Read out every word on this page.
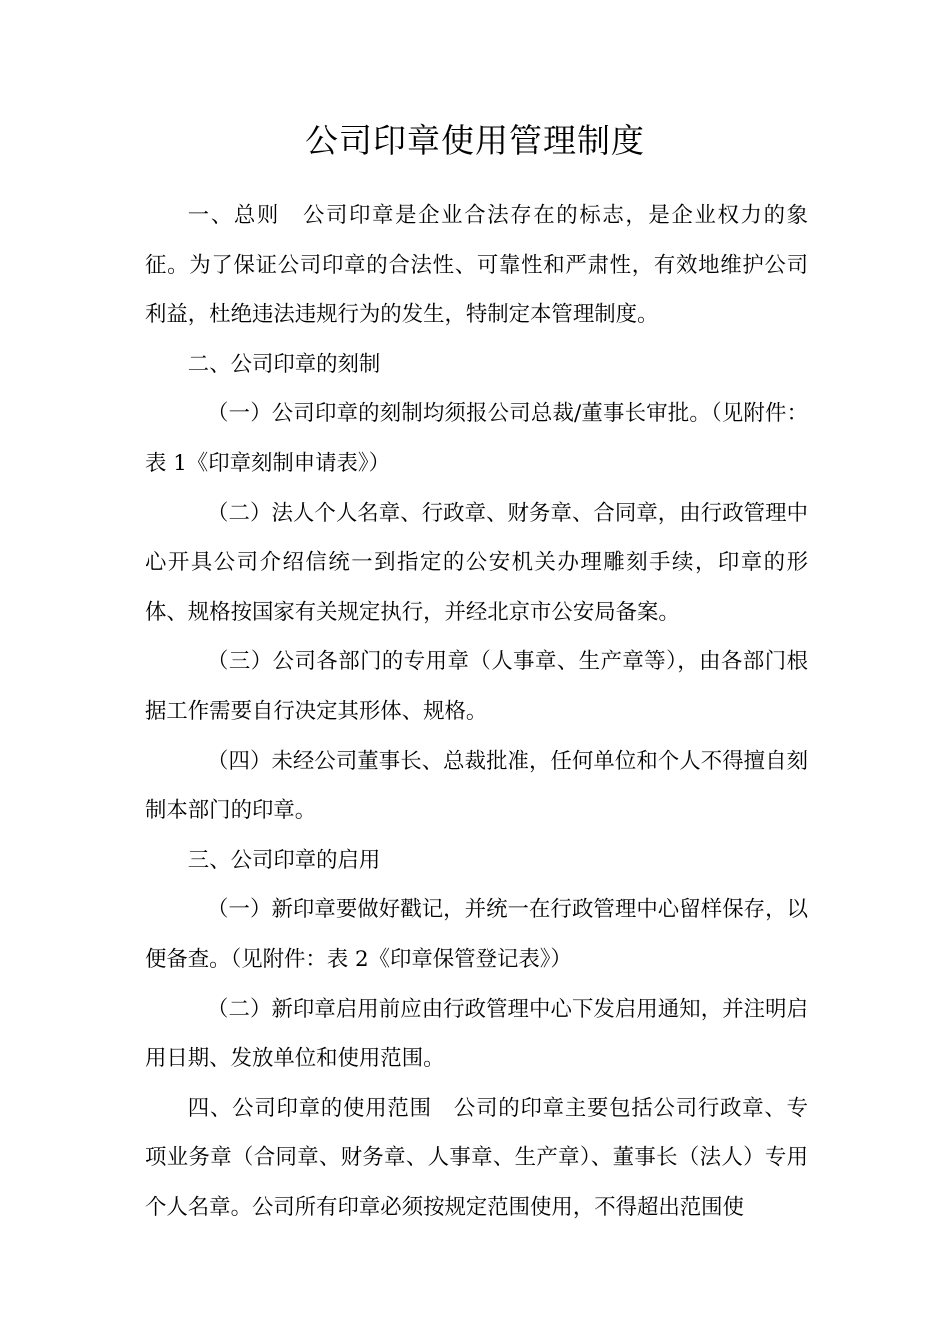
公司印章使用管理制度

一、总则　公司印章是企业合法存在的标志，是企业权力的象征。为了保证公司印章的合法性、可靠性和严肃性，有效地维护公司利益，杜绝违法违规行为的发生，特制定本管理制度。

二、公司印章的刻制

（一）公司印章的刻制均须报公司总裁/董事长审批。（见附件：表 1《印章刻制申请表》）

（二）法人个人名章、行政章、财务章、合同章，由行政管理中心开具公司介绍信统一到指定的公安机关办理雕刻手续，印章的形体、规格按国家有关规定执行，并经北京市公安局备案。

（三）公司各部门的专用章（人事章、生产章等），由各部门根据工作需要自行决定其形体、规格。

（四）未经公司董事长、总裁批准，任何单位和个人不得擅自刻制本部门的印章。

三、公司印章的启用

（一）新印章要做好戳记，并统一在行政管理中心留样保存，以便备查。（见附件：表 2《印章保管登记表》）

（二）新印章启用前应由行政管理中心下发启用通知，并注明启用日期、发放单位和使用范围。

四、公司印章的使用范围　公司的印章主要包括公司行政章、专项业务章（合同章、财务章、人事章、生产章）、董事长（法人）专用个人名章。公司所有印章必须按规定范围使用，不得超出范围使
